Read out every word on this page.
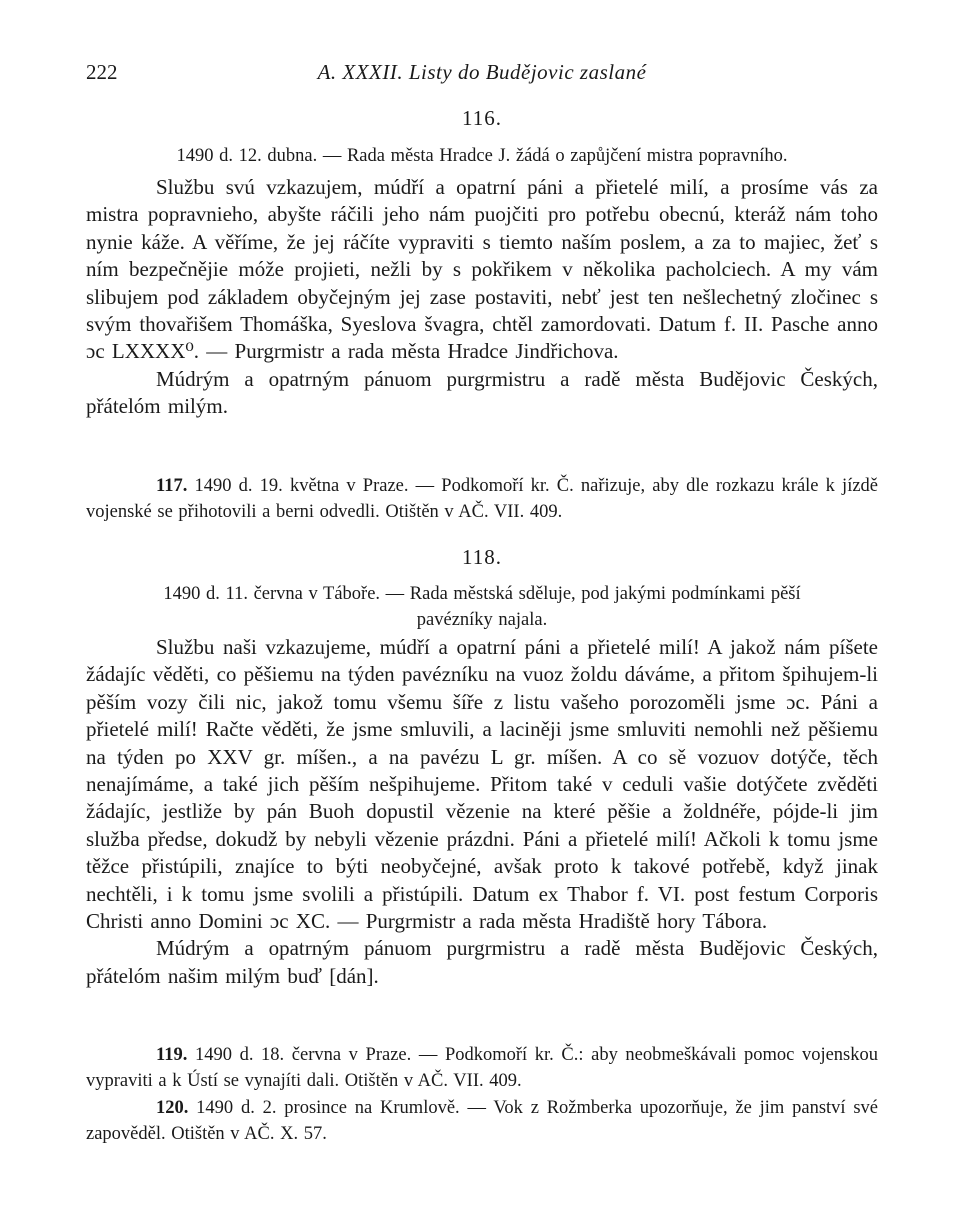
222	A. XXXII. Listy do Budějovic zaslané
116.

1490 d. 12. dubna. — Rada města Hradce J. žádá o zapůjčení mistra popravního.

Službu svú vzkazujem, múdří a opatrní páni a přietelé milí, a prosíme vás za mistra popravnieho, abyšte ráčili jeho nám puojčiti pro potřebu obecnú, kteráž nám toho nynie káže. A věříme, že jej ráčíte vypraviti s tiemto naším poslem, a za to majiec, žeť s ním bezpečnějie móže projieti, nežli by s pokřikem v několika pacholciech. A my vám slibujem pod základem obyčejným jej zase postaviti, nebť jest ten nešlechetný zločinec s svým thovařišem Thomáška, Syeslova švagra, chtěl zamordovati. Datum f. II. Pasche anno ɔc LXXXX⁰. — Purgrmistr a rada města Hradce Jindřichova.

Múdrým a opatrným pánuom purgrmistru a radě města Budějovic Českých, přátelóm milým.

117. 1490 d. 19. května v Praze. — Podkomoří kr. Č. nařizuje, aby dle rozkazu krále k jízdě vojenské se přihotovili a berni odvedli. Otištěn v AČ. VII. 409.

118.

1490 d. 11. června v Táboře. — Rada městská sděluje, pod jakými podmínkami pěší pavézníky najala.

Službu naši vzkazujeme, múdří a opatrní páni a přietelé milí! A jakož nám píšete žádajíc věděti, co pěšiemu na týden pavézníku na vuoz žoldu dáváme, a přitom špihujem-li pěším vozy čili nic, jakož tomu všemu šíře z listu vašeho porozoměli jsme ɔc. Páni a přietelé milí! Račte věděti, že jsme smluvili, a laciněji jsme smluviti nemohli než pěšiemu na týden po XXV gr. míšen., a na pavézu L gr. míšen. A co sě vozuov dotýče, těch nenajímáme, a také jich pěším nešpihujeme. Přitom také v ceduli vašie dotýčete zvěděti žádajíc, jestliže by pán Buoh dopustil vězenie na které pěšie a žoldnéře, pójde-li jim služba předse, dokudž by nebyli vězenie prázdni. Páni a přietelé milí! Ačkoli k tomu jsme těžce přistúpili, znajíce to býti neobyčejné, avšak proto k takové potřebě, když jinak nechtěli, i k tomu jsme svolili a přistúpili. Datum ex Thabor f. VI. post festum Corporis Christi anno Domini ɔc XC. — Purgrmistr a rada města Hradiště hory Tábora.

Múdrým a opatrným pánuom purgrmistru a radě města Budějovic Českých, přátelóm našim milým buď [dán].

119. 1490 d. 18. června v Praze. — Podkomoří kr. Č.: aby neobmeškávali pomoc vojenskou vypraviti a k Ústí se vynajíti dali. Otištěn v AČ. VII. 409.

120. 1490 d. 2. prosince na Krumlově. — Vok z Rožmberka upozorňuje, že jim panství své zapověděl. Otištěn v AČ. X. 57.
